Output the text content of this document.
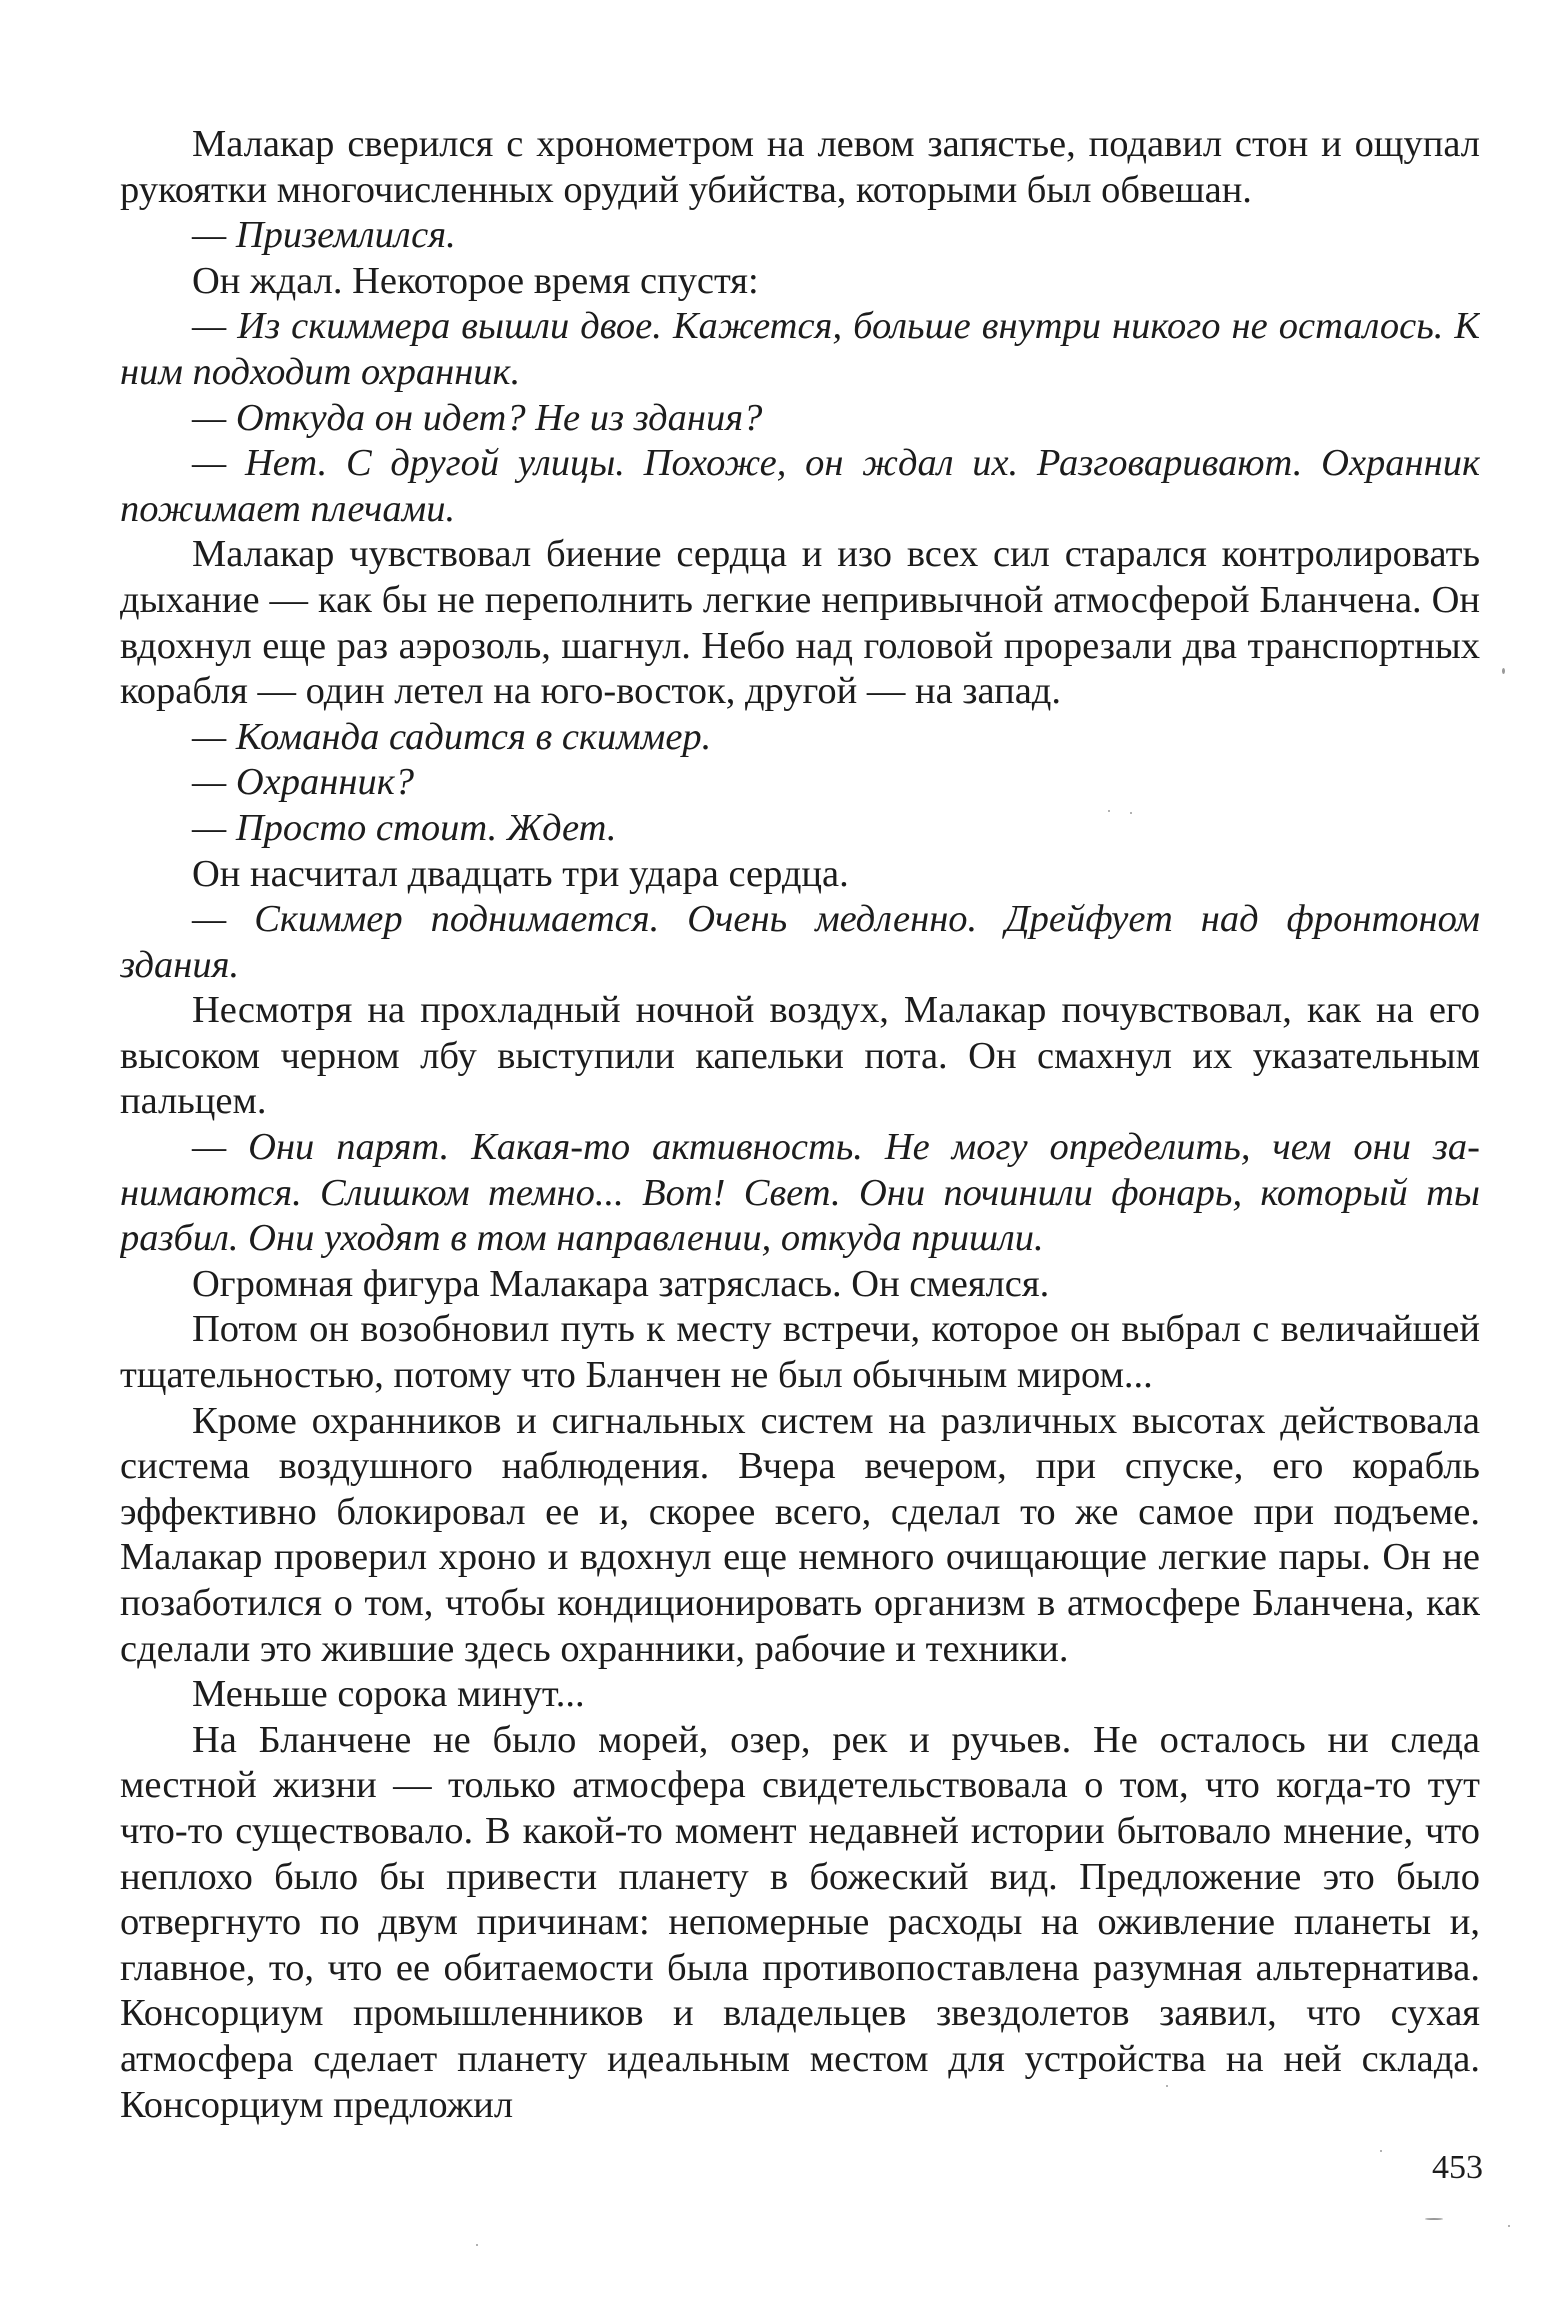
Малакар сверился с хронометром на левом запястье, подавил стон и ощупал рукоятки многочисленных орудий убийства, которыми был обвешан.

— Приземлился.

Он ждал. Некоторое время спустя:

— Из скиммера вышли двое. Кажется, больше внутри никого не осталось. К ним подходит охранник.

— Откуда он идет? Не из здания?

— Нет. С другой улицы. Похоже, он ждал их. Разговаривают. Охранник пожимает плечами.

Малакар чувствовал биение сердца и изо всех сил старался контролировать дыхание — как бы не переполнить легкие непривычной атмосферой Бланчена. Он вдохнул еще раз аэрозоль, шагнул. Небо над головой прорезали два транспортных корабля — один летел на юго-восток, другой — на запад.

— Команда садится в скиммер.

— Охранник?

— Просто стоит. Ждет.

Он насчитал двадцать три удара сердца.

— Скиммер поднимается. Очень медленно. Дрейфует над фронтоном здания.

Несмотря на прохладный ночной воздух, Малакар почувствовал, как на его высоком черном лбу выступили капельки пота. Он смахнул их указательным пальцем.

— Они парят. Какая-то активность. Не могу определить, чем они занимаются. Слишком темно... Вот! Свет. Они починили фонарь, который ты разбил. Они уходят в том направлении, откуда пришли.

Огромная фигура Малакара затряслась. Он смеялся.

Потом он возобновил путь к месту встречи, которое он выбрал с величайшей тщательностью, потому что Бланчен не был обычным миром...

Кроме охранников и сигнальных систем на различных высотах действовала система воздушного наблюдения. Вчера вечером, при спуске, его корабль эффективно блокировал ее и, скорее всего, сделал то же самое при подъеме. Малакар проверил хроно и вдохнул еще немного очищающие легкие пары. Он не позаботился о том, чтобы кондиционировать организм в атмосфере Бланчена, как сделали это жившие здесь охранники, рабочие и техники.

Меньше сорока минут...

На Бланчене не было морей, озер, рек и ручьев. Не осталось ни следа местной жизни — только атмосфера свидетельствовала о том, что когда-то тут что-то существовало. В какой-то момент недавней истории бытовало мнение, что неплохо было бы привести планету в божеский вид. Предложение это было отвергнуто по двум причинам: непомерные расходы на оживление планеты и, главное, то, что ее обитаемости была противопоставлена разумная альтернатива. Консорциум промышленников и владельцев звездолетов заявил, что сухая атмосфера сделает планету идеальным местом для устройства на ней склада. Консорциум предложил

453
